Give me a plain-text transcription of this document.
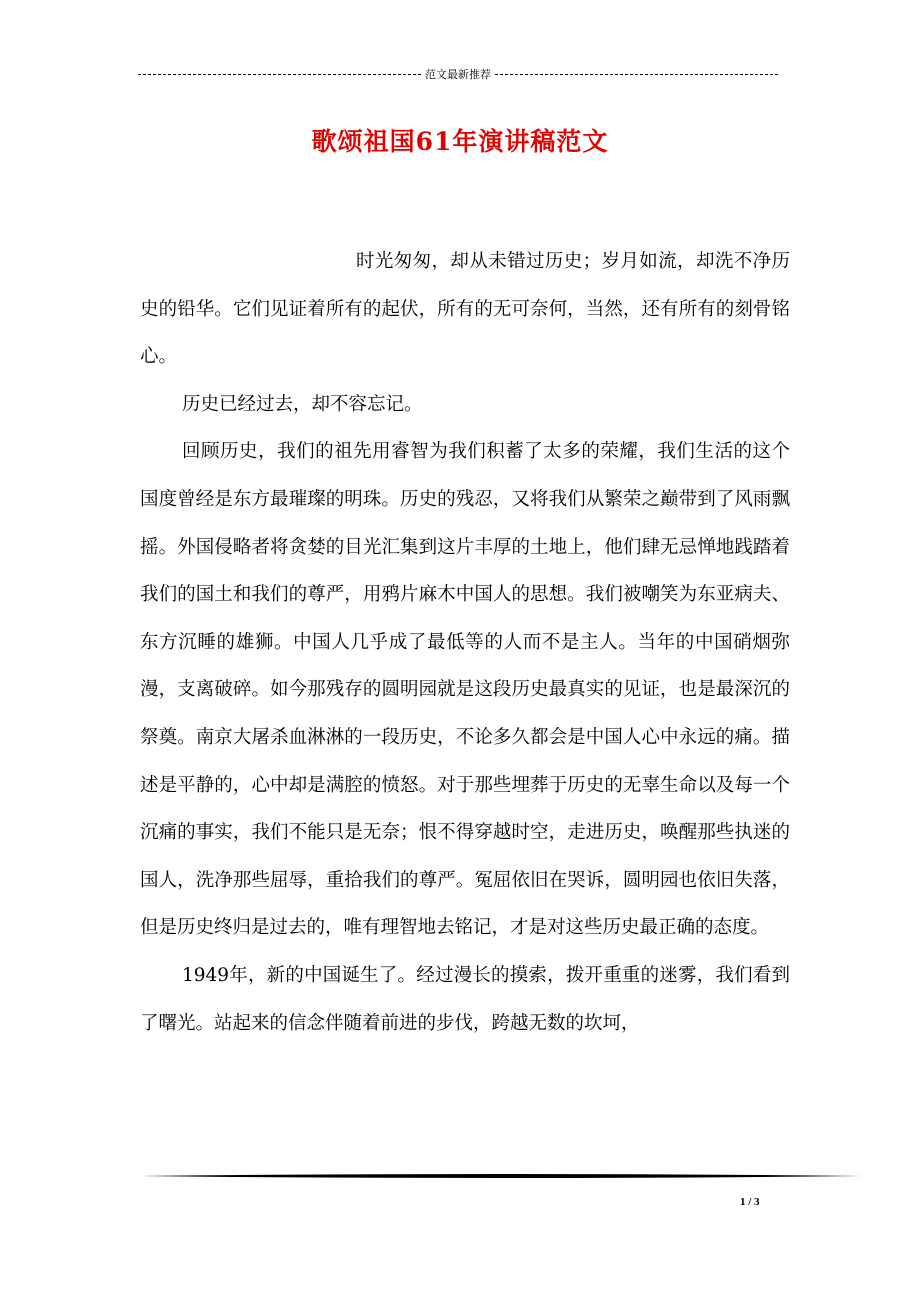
范文最新推荐
歌颂祖国61年演讲稿范文

时光匆匆，却从未错过历史；岁月如流，却洗不净历史的铅华。它们见证着所有的起伏，所有的无可奈何，当然，还有所有的刻骨铭心。

历史已经过去，却不容忘记。

回顾历史，我们的祖先用睿智为我们积蓄了太多的荣耀，我们生活的这个国度曾经是东方最璀璨的明珠。历史的残忍，又将我们从繁荣之巅带到了风雨飘摇。外国侵略者将贪婪的目光汇集到这片丰厚的土地上，他们肆无忌惮地践踏着我们的国土和我们的尊严，用鸦片麻木中国人的思想。我们被嘲笑为东亚病夫、东方沉睡的雄狮。中国人几乎成了最低等的人而不是主人。当年的中国硝烟弥漫，支离破碎。如今那残存的圆明园就是这段历史最真实的见证，也是最深沉的祭奠。南京大屠杀血淋淋的一段历史，不论多久都会是中国人心中永远的痛。描述是平静的，心中却是满腔的愤怒。对于那些埋葬于历史的无辜生命以及每一个沉痛的事实，我们不能只是无奈；恨不得穿越时空，走进历史，唤醒那些执迷的国人，洗净那些屈辱，重拾我们的尊严。冤屈依旧在哭诉，圆明园也依旧失落，但是历史终归是过去的，唯有理智地去铭记，才是对这些历史最正确的态度。

1949年，新的中国诞生了。经过漫长的摸索，拨开重重的迷雾，我们看到了曙光。站起来的信念伴随着前进的步伐，跨越无数的坎坷，

1 / 3
